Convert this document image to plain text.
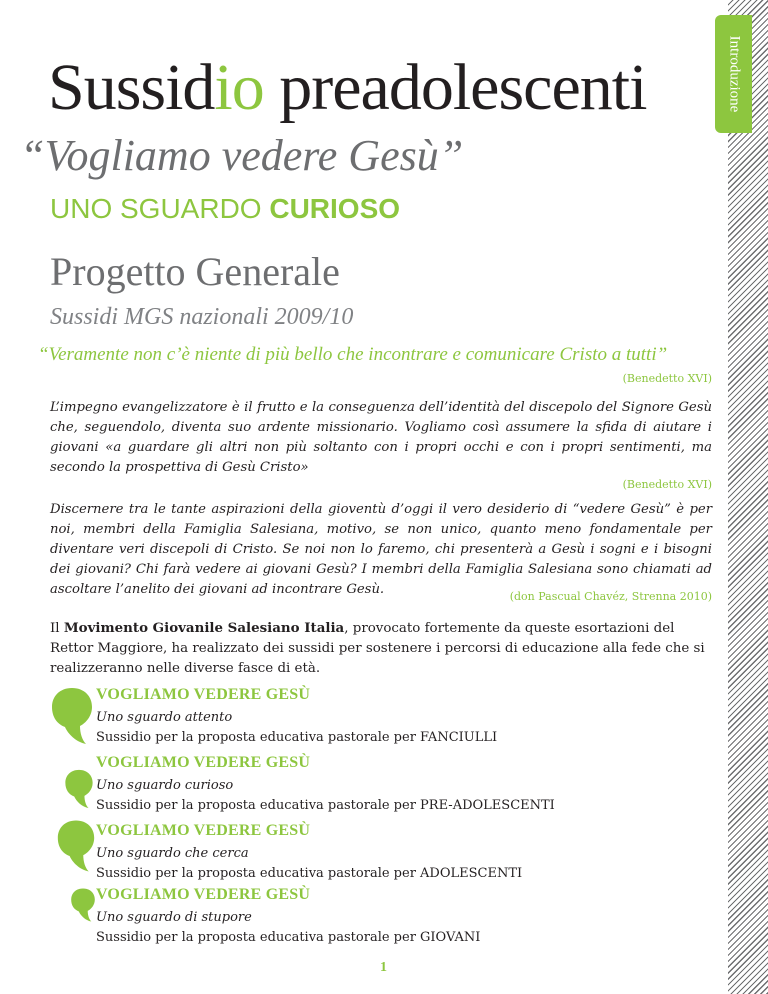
Introduzione
Sussidio preadolescenti
“Vogliamo vedere Gesù”
UNO SGUARDO CURIOSO
Progetto Generale
Sussidi MGS nazionali 2009/10
“Veramente non c’è niente di più bello che incontrare e comunicare Cristo a tutti”
(Benedetto XVI)
L’impegno evangelizzatore è il frutto e la conseguenza dell’identità del discepolo del Signore Gesù che, seguendolo, diventa suo ardente missionario. Vogliamo così assumere la sfida di aiutare i giovani «a guardare gli altri non più soltanto con i propri occhi e con i propri sentimenti, ma secondo la prospettiva di Gesù Cristo»
(Benedetto XVI)
Discernere tra le tante aspirazioni della gioventù d’oggi il vero desiderio di “vedere Gesù” è per noi, membri della Famiglia Salesiana, motivo, se non unico, quanto meno fondamentale per diventare veri discepoli di Cristo. Se noi non lo faremo, chi presenterà a Gesù i sogni e i bisogni dei giovani? Chi farà vedere ai giovani Gesù? I membri della Famiglia Salesiana sono chiamati ad ascoltare l’anelito dei giovani ad incontrare Gesù.	(don Pascual Chavéz, Strenna 2010)
Il Movimento Giovanile Salesiano Italia, provocato fortemente da queste esortazioni del Rettor Maggiore, ha realizzato dei sussidi per sostenere i percorsi di educazione alla fede che si realizzeranno nelle diverse fasce di età.
VOGLIAMO VEDERE GESÙ
Uno sguardo attento
Sussidio per la proposta educativa pastorale per FANCIULLI
VOGLIAMO VEDERE GESÙ
Uno sguardo curioso
Sussidio per la proposta educativa pastorale per PRE-ADOLESCENTI
VOGLIAMO VEDERE GESÙ
Uno sguardo che cerca
Sussidio per la proposta educativa pastorale per ADOLESCENTI
VOGLIAMO VEDERE GESÙ
Uno sguardo di stupore
Sussidio per la proposta educativa pastorale per GIOVANI
1
